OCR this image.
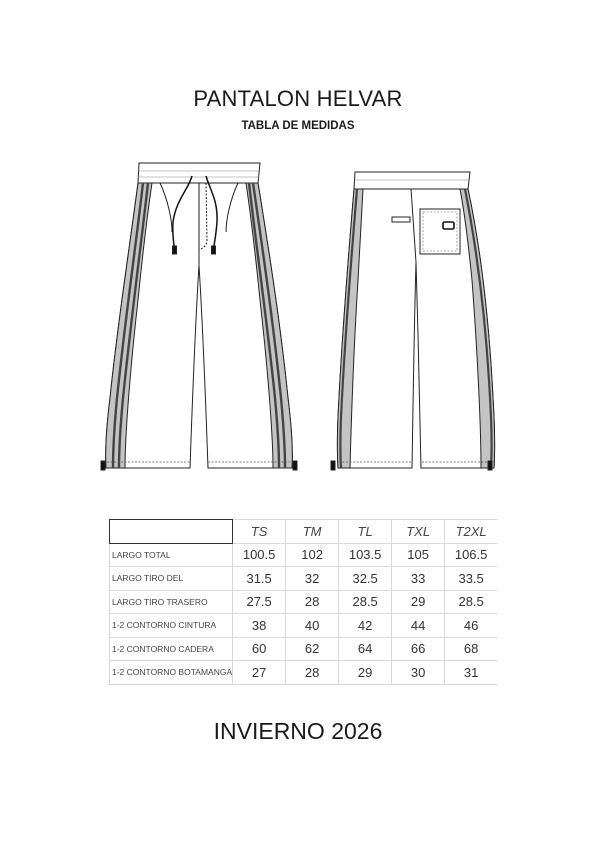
PANTALON HELVAR
TABLA DE MEDIDAS
	TS	TM	TL	TXL	T2XL
LARGO TOTAL	100.5	102	103.5	105	106.5
LARGO TIRO DEL	31.5	32	32.5	33	33.5
LARGO TIRO TRASERO	27.5	28	28.5	29	28.5
1-2 CONTORNO CINTURA	38	40	42	44	46
1-2 CONTORNO CADERA	60	62	64	66	68
1-2 CONTORNO BOTAMANGA	27	28	29	30	31
INVIERNO 2026
